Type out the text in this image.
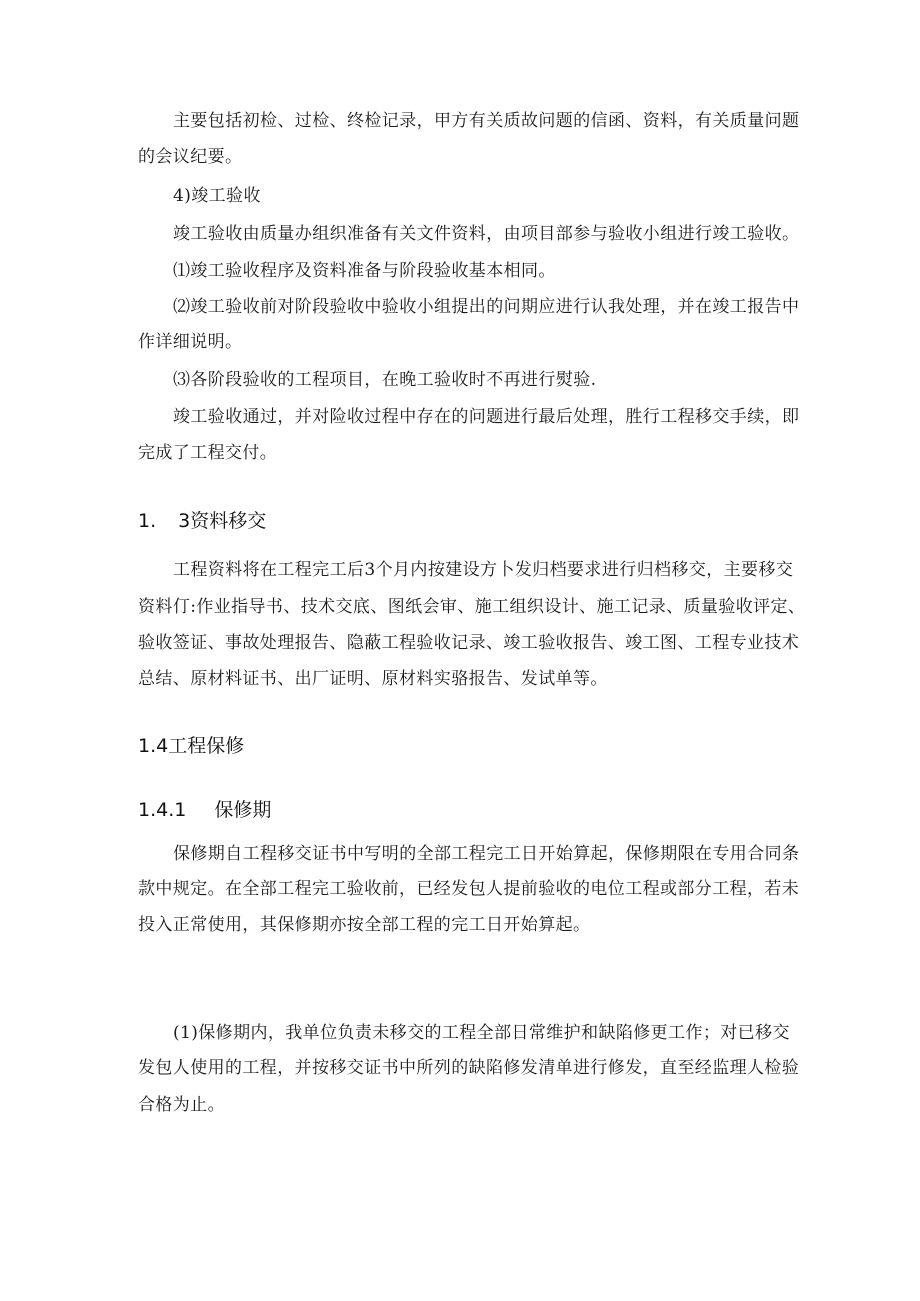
主要包括初检、过检、终检记录，甲方有关质故问题的信函、资料，有关质量问题
的会议纪要。
4)竣工验收
竣工验收由质量办组织准备有关文件资料，由项目部参与验收小组进行竣工验收。
⑴竣工验收程序及资料准备与阶段验收基本相同。
⑵竣工验收前对阶段验收中验收小组提出的问期应进行认我处理，并在竣工报告中
作详细说明。
⑶各阶段验收的工程项目，在晚工验收时不再进行熨验.
竣工验收通过，并对险收过程中存在的问题进行最后处理，胜行工程移交手续，即
完成了工程交付。
1. 3资料移交
工程资料将在工程完工后3个月内按建设方卜发归档要求进行归档移交，主要移交
资料仃:作业指导书、技术交底、图纸会审、施工组织设计、施工记录、质量验收评定、
验收签证、事故处理报告、隐蔽工程验收记录、竣工验收报告、竣工图、工程专业技术
总结、原材料证书、出厂证明、原材料实骆报告、发试单等。
1.4工程保修
1.4.1 保修期
保修期自工程移交证书中写明的全部工程完工日开始算起，保修期限在专用合同条
款中规定。在全部工程完工验收前，已经发包人提前验收的电位工程或部分工程，若未
投入正常使用，其保修期亦按全部工程的完工日开始算起。
(1)保修期内，我单位负责未移交的工程全部日常维护和缺陷修更工作；对已移交
发包人使用的工程，并按移交证书中所列的缺陷修发清单进行修发，直至经监理人检验
合格为止。
